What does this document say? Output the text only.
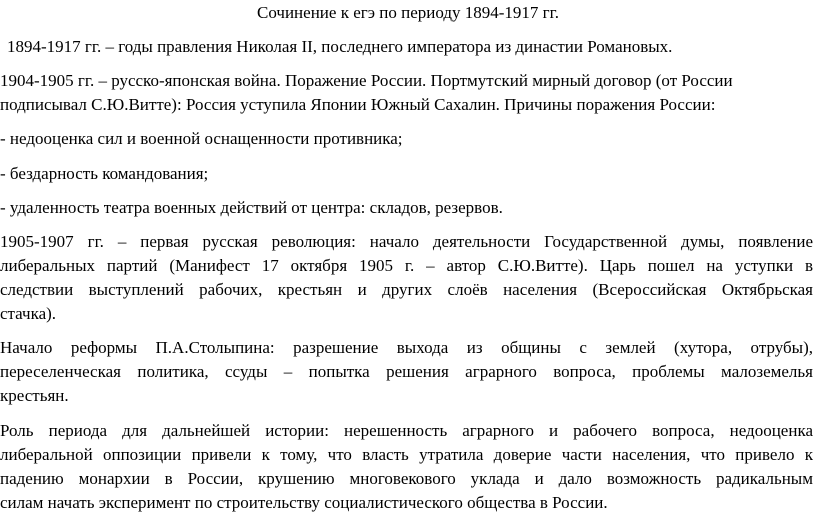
Сочинение к егэ по периоду 1894-1917 гг.
1894-1917 гг. – годы правления Николая II, последнего императора из династии Романовых.
1904-1905 гг. – русско-японская война. Поражение России. Портмутский мирный договор (от России
подписывал С.Ю.Витте): Россия уступила Японии Южный Сахалин. Причины поражения России:
- недооценка сил и военной оснащенности противника;
- бездарность командования;
- удаленность театра военных действий от центра: складов, резервов.
1905-1907 гг. – первая русская революция: начало деятельности Государственной думы, появление
либеральных партий (Манифест 17 октября 1905 г. – автор С.Ю.Витте). Царь пошел на уступки в
следствии выступлений рабочих, крестьян и других слоёв населения (Всероссийская Октябрьская
стачка).
Начало реформы П.А.Столыпина: разрешение выхода из общины с землей (хутора, отрубы),
переселенческая политика, ссуды – попытка решения аграрного вопроса, проблемы малоземелья
крестьян.
Роль периода для дальнейшей истории: нерешенность аграрного и рабочего вопроса, недооценка
либеральной оппозиции привели к тому, что власть утратила доверие части населения, что привело к
падению монархии в России, крушению многовекового уклада и дало возможность радикальным
силам начать эксперимент по строительству социалистического общества в России.
